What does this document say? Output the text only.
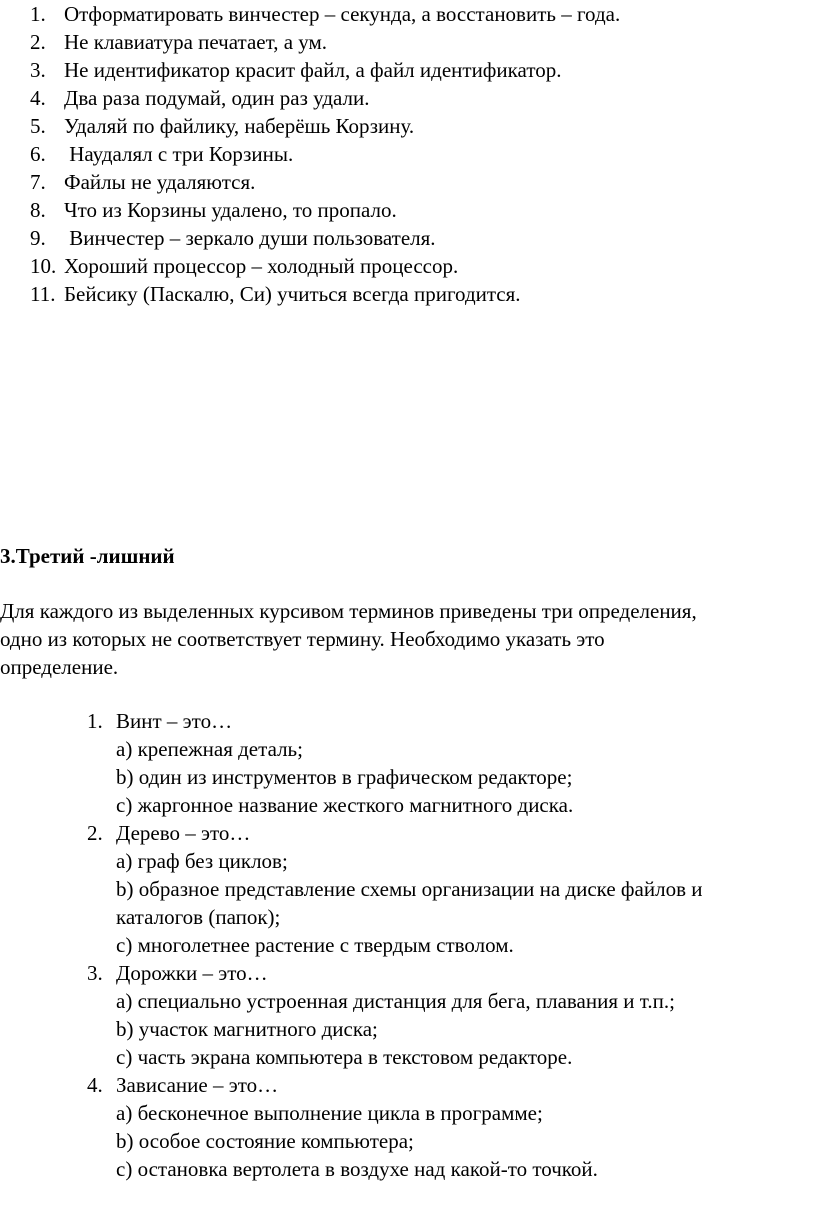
1. Отформатировать винчестер – секунда, а восстановить – года.
2. Не клавиатура печатает, а ум.
3. Не идентификатор красит файл, а файл идентификатор.
4. Два раза подумай, один раз удали.
5. Удаляй по файлику, наберёшь Корзину.
6. Наудалял с три Корзины.
7. Файлы не удаляются.
8. Что из Корзины удалено, то пропало.
9. Винчестер – зеркало души пользователя.
10. Хороший процессор – холодный процессор.
11. Бейсику (Паскалю, Си) учиться всегда пригодится.
3.Третий -лишний
Для каждого из выделенных курсивом терминов приведены три определения,
одно из которых не соответствует термину. Необходимо указать это
определение.
1. Винт – это…
а) крепежная деталь;
b) один из инструментов в графическом редакторе;
c) жаргонное название жесткого магнитного диска.
2. Дерево – это…
а) граф без циклов;
b) образное представление схемы организации на диске файлов и
каталогов (папок);
c) многолетнее растение с твердым стволом.
3. Дорожки – это…
а) специально устроенная дистанция для бега, плавания и т.п.;
b) участок магнитного диска;
c) часть экрана компьютера в текстовом редакторе.
4. Зависание – это…
а) бесконечное выполнение цикла в программе;
b) особое состояние компьютера;
c) остановка вертолета в воздухе над какой-то точкой.
